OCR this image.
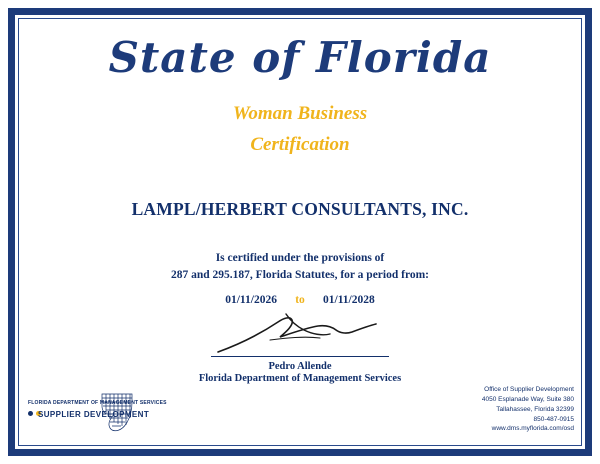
State of Florida
Woman Business
Certification
LAMPL/HERBERT CONSULTANTS, INC.
Is certified under the provisions of
287 and 295.187, Florida Statutes, for a period from:
01/11/2026	to	01/11/2028
Pedro Allende
Florida Department of Management Services
FLORIDA DEPARTMENT OF MANAGEMENT SERVICES
SUPPLIER DEVELOPMENT
Office of Supplier Development
4050 Esplanade Way, Suite 380
Tallahassee, Florida 32399
850-487-0915
www.dms.myflorida.com/osd
